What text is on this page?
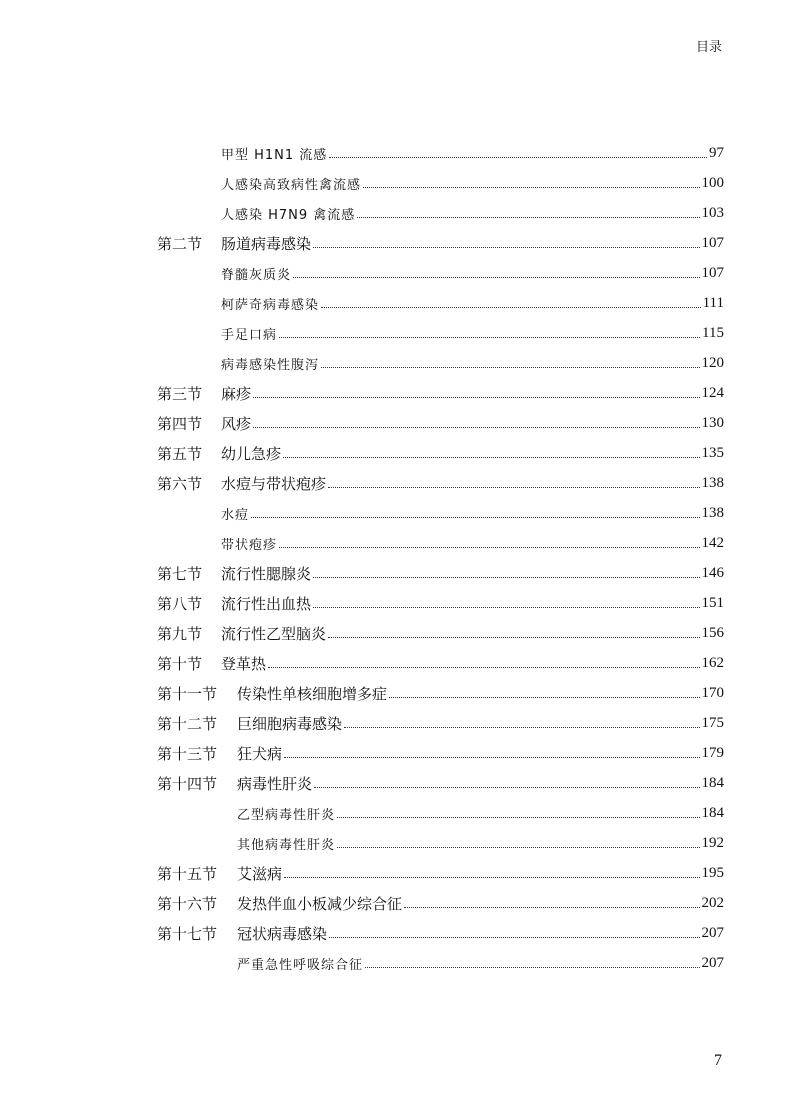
目录
甲型 H1N1 流感	97
人感染高致病性禽流感	100
人感染 H7N9 禽流感	103
第二节	肠道病毒感染	107
脊髓灰质炎	107
柯萨奇病毒感染	111
手足口病	115
病毒感染性腹泻	120
第三节	麻疹	124
第四节	风疹	130
第五节	幼儿急疹	135
第六节	水痘与带状疱疹	138
水痘	138
带状疱疹	142
第七节	流行性腮腺炎	146
第八节	流行性出血热	151
第九节	流行性乙型脑炎	156
第十节	登革热	162
第十一节	传染性单核细胞增多症	170
第十二节	巨细胞病毒感染	175
第十三节	狂犬病	179
第十四节	病毒性肝炎	184
乙型病毒性肝炎	184
其他病毒性肝炎	192
第十五节	艾滋病	195
第十六节	发热伴血小板减少综合征	202
第十七节	冠状病毒感染	207
严重急性呼吸综合征	207
7
